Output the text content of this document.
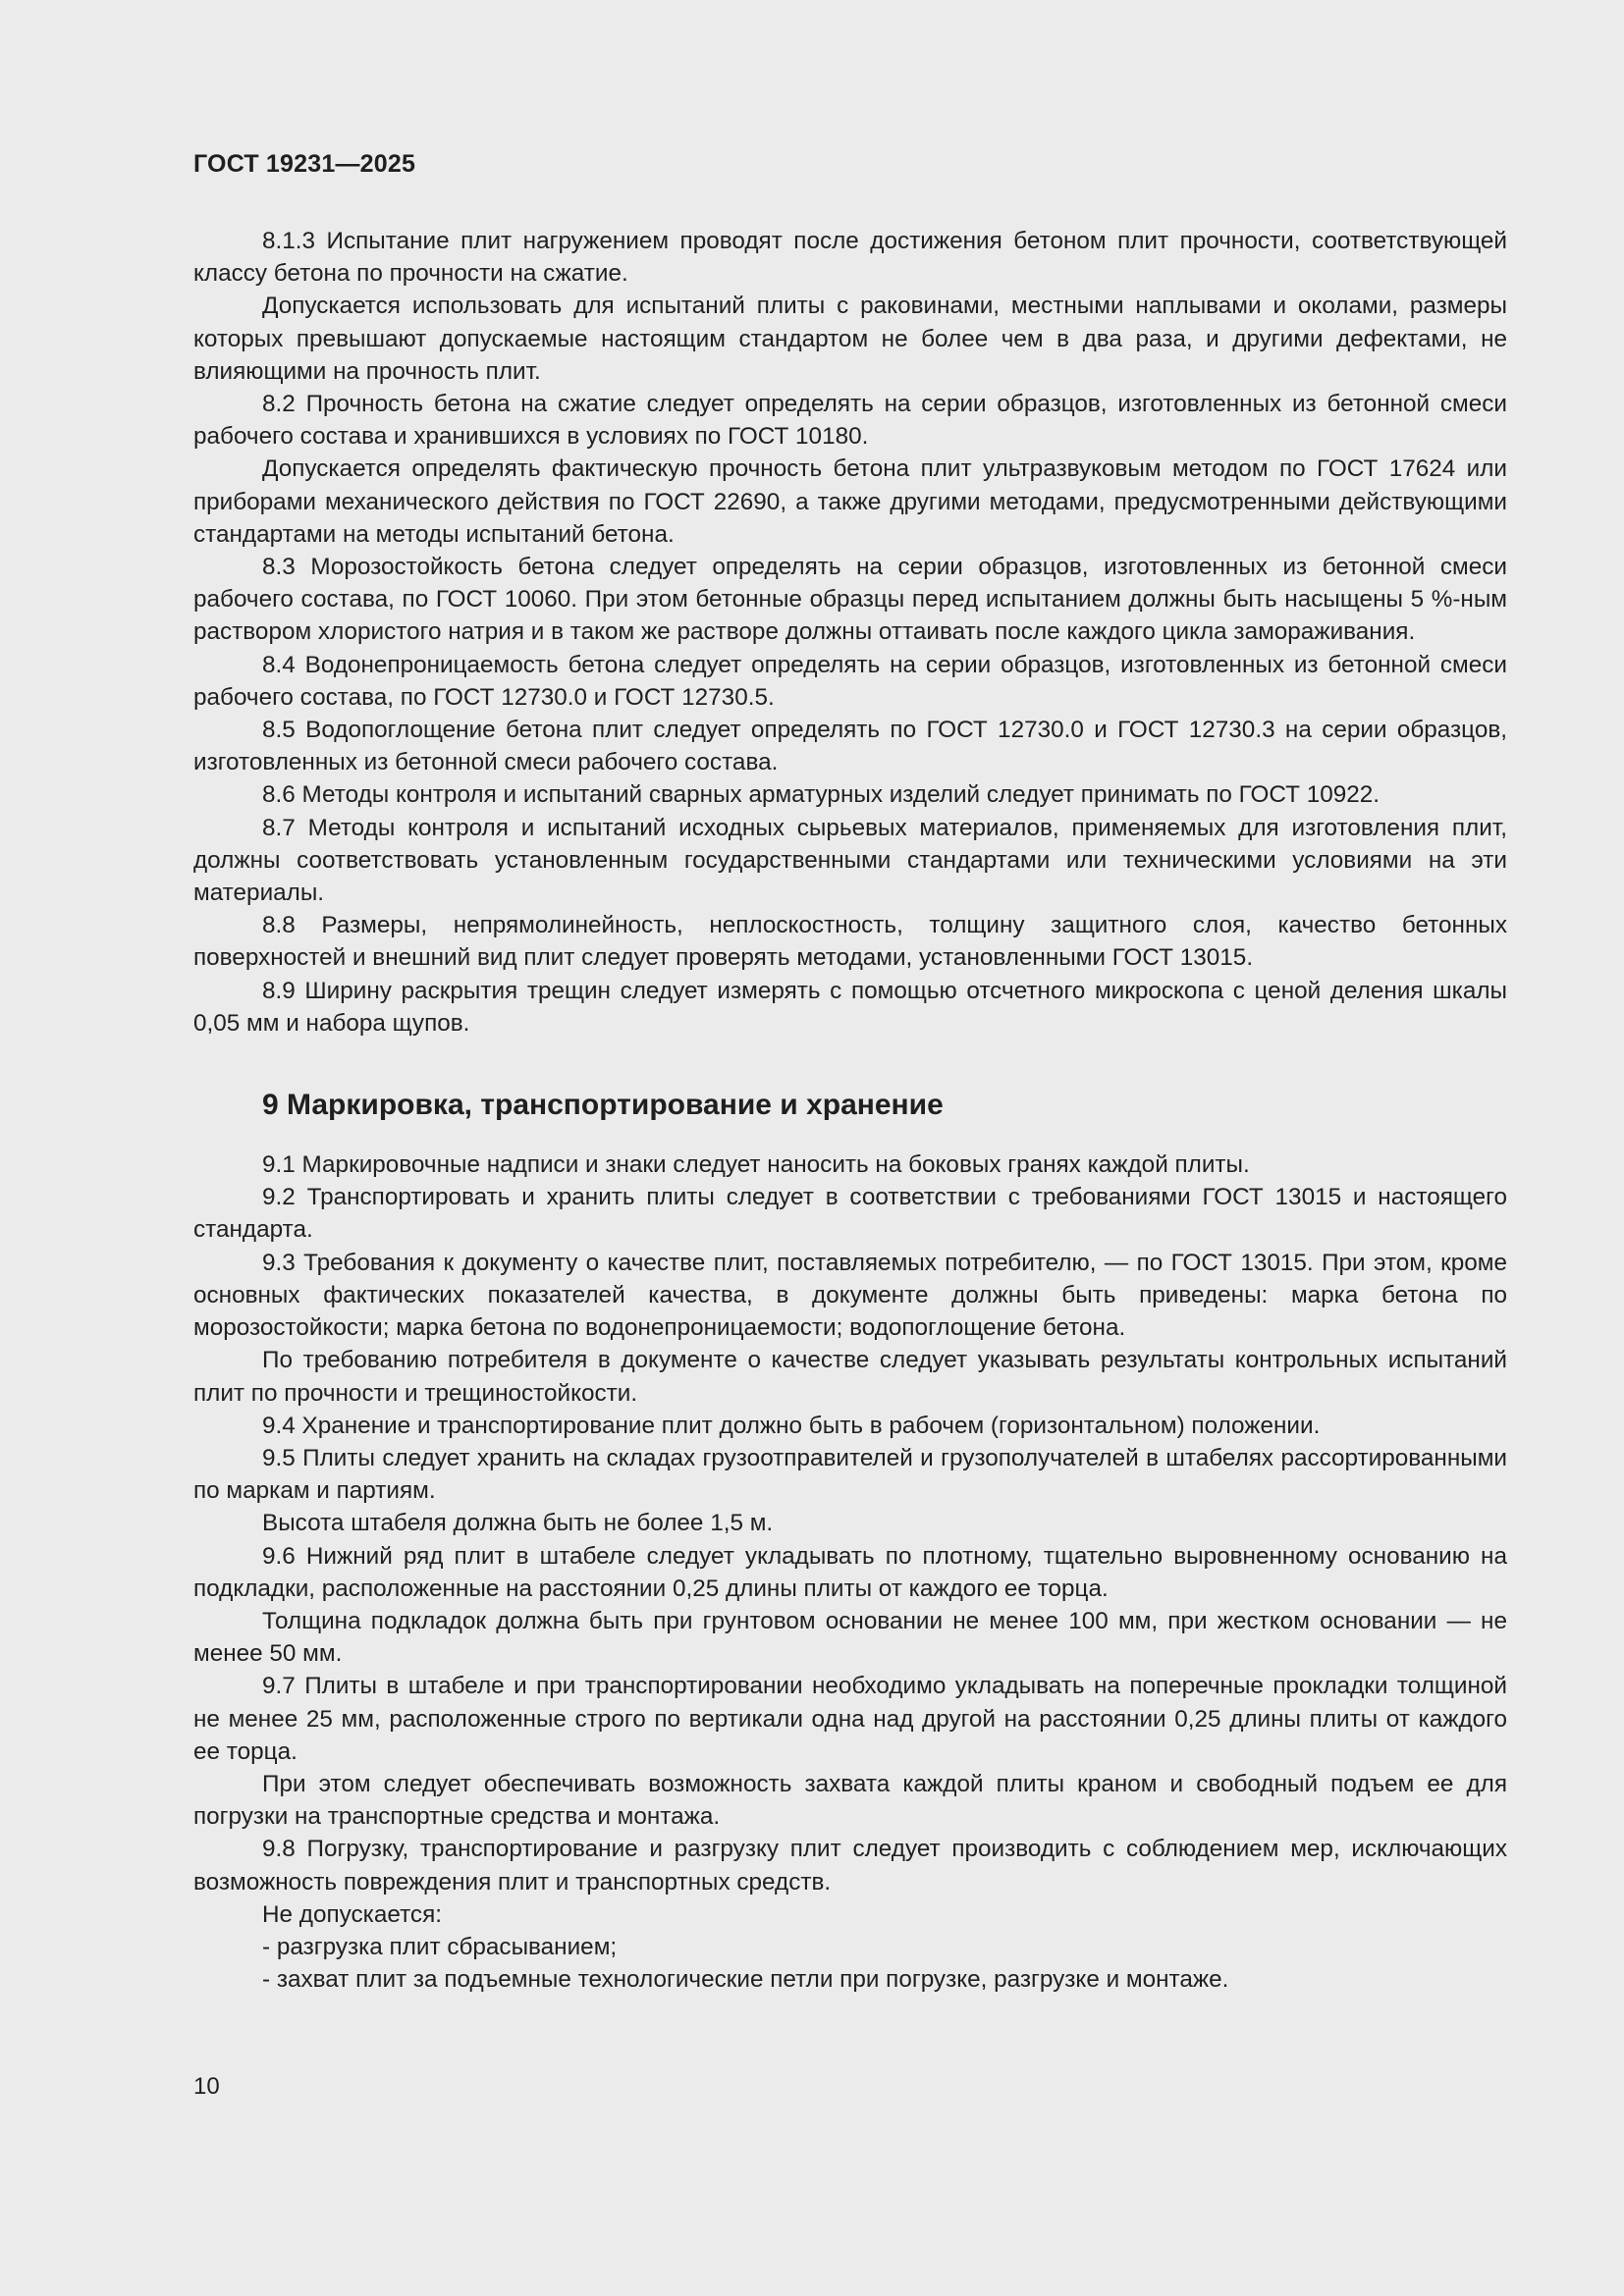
ГОСТ 19231—2025

8.1.3 Испытание плит нагружением проводят после достижения бетоном плит прочности, соответствующей классу бетона по прочности на сжатие.

Допускается использовать для испытаний плиты с раковинами, местными наплывами и околами, размеры которых превышают допускаемые настоящим стандартом не более чем в два раза, и другими дефектами, не влияющими на прочность плит.

8.2 Прочность бетона на сжатие следует определять на серии образцов, изготовленных из бетонной смеси рабочего состава и хранившихся в условиях по ГОСТ 10180.

Допускается определять фактическую прочность бетона плит ультразвуковым методом по ГОСТ 17624 или приборами механического действия по ГОСТ 22690, а также другими методами, предусмотренными действующими стандартами на методы испытаний бетона.

8.3 Морозостойкость бетона следует определять на серии образцов, изготовленных из бетонной смеси рабочего состава, по ГОСТ 10060. При этом бетонные образцы перед испытанием должны быть насыщены 5 %-ным раствором хлористого натрия и в таком же растворе должны оттаивать после каждого цикла замораживания.

8.4 Водонепроницаемость бетона следует определять на серии образцов, изготовленных из бетонной смеси рабочего состава, по ГОСТ 12730.0 и ГОСТ 12730.5.

8.5 Водопоглощение бетона плит следует определять по ГОСТ 12730.0 и ГОСТ 12730.3 на серии образцов, изготовленных из бетонной смеси рабочего состава.

8.6 Методы контроля и испытаний сварных арматурных изделий следует принимать по ГОСТ 10922.

8.7 Методы контроля и испытаний исходных сырьевых материалов, применяемых для изготовления плит, должны соответствовать установленным государственными стандартами или техническими условиями на эти материалы.

8.8 Размеры, непрямолинейность, неплоскостность, толщину защитного слоя, качество бетонных поверхностей и внешний вид плит следует проверять методами, установленными ГОСТ 13015.

8.9 Ширину раскрытия трещин следует измерять с помощью отсчетного микроскопа с ценой деления шкалы 0,05 мм и набора щупов.

9 Маркировка, транспортирование и хранение

9.1 Маркировочные надписи и знаки следует наносить на боковых гранях каждой плиты.

9.2 Транспортировать и хранить плиты следует в соответствии с требованиями ГОСТ 13015 и настоящего стандарта.

9.3 Требования к документу о качестве плит, поставляемых потребителю, — по ГОСТ 13015. При этом, кроме основных фактических показателей качества, в документе должны быть приведены: марка бетона по морозостойкости; марка бетона по водонепроницаемости; водопоглощение бетона.

По требованию потребителя в документе о качестве следует указывать результаты контрольных испытаний плит по прочности и трещиностойкости.

9.4 Хранение и транспортирование плит должно быть в рабочем (горизонтальном) положении.

9.5 Плиты следует хранить на складах грузоотправителей и грузополучателей в штабелях рассортированными по маркам и партиям.

Высота штабеля должна быть не более 1,5 м.

9.6 Нижний ряд плит в штабеле следует укладывать по плотному, тщательно выровненному основанию на подкладки, расположенные на расстоянии 0,25 длины плиты от каждого ее торца.

Толщина подкладок должна быть при грунтовом основании не менее 100 мм, при жестком основании — не менее 50 мм.

9.7 Плиты в штабеле и при транспортировании необходимо укладывать на поперечные прокладки толщиной не менее 25 мм, расположенные строго по вертикали одна над другой на расстоянии 0,25 длины плиты от каждого ее торца.

При этом следует обеспечивать возможность захвата каждой плиты краном и свободный подъем ее для погрузки на транспортные средства и монтажа.

9.8 Погрузку, транспортирование и разгрузку плит следует производить с соблюдением мер, исключающих возможность повреждения плит и транспортных средств.

Не допускается:

- разгрузка плит сбрасыванием;

- захват плит за подъемные технологические петли при погрузке, разгрузке и монтаже.

10
